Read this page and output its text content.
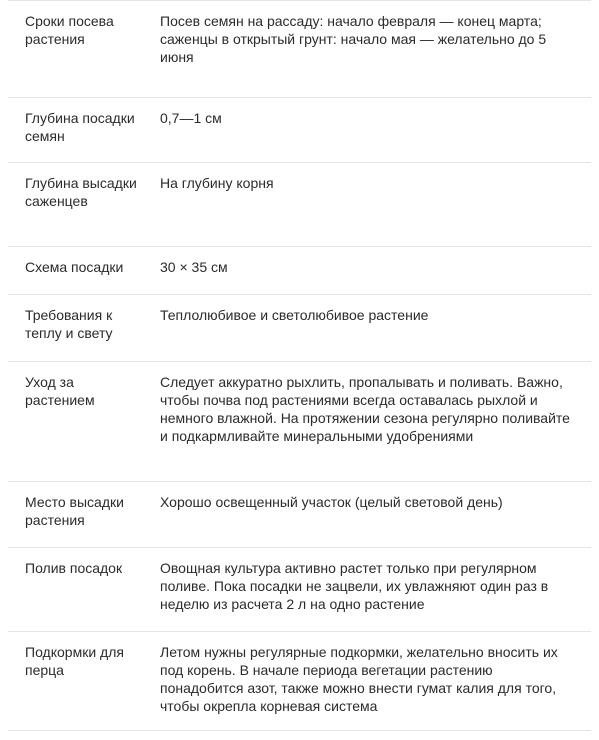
Сроки посева растения
Посев семян на рассаду: начало февраля — конец марта; саженцы в открытый грунт: начало мая — желательно до 5 июня
Глубина посадки семян
0,7—1 см
Глубина высадки саженцев
На глубину корня
Схема посадки	30 × 35 см
Требования к теплу и свету
Теплолюбивое и светолюбивое растение
Уход за растением
Следует аккуратно рыхлить, пропалывать и поливать. Важно, чтобы почва под растениями всегда оставалась рыхлой и немного влажной. На протяжении сезона регулярно поливайте и подкармливайте минеральными удобрениями
Место высадки растения
Хорошо освещенный участок (целый световой день)
Полив посадок	Овощная культура активно растет только при регулярном поливе. Пока посадки не зацвели, их увлажняют один раз в неделю из расчета 2 л на одно растение
Подкормки для перца
Летом нужны регулярные подкормки, желательно вносить их под корень. В начале периода вегетации растению понадобится азот, также можно внести гумат калия для того, чтобы окрепла корневая система
